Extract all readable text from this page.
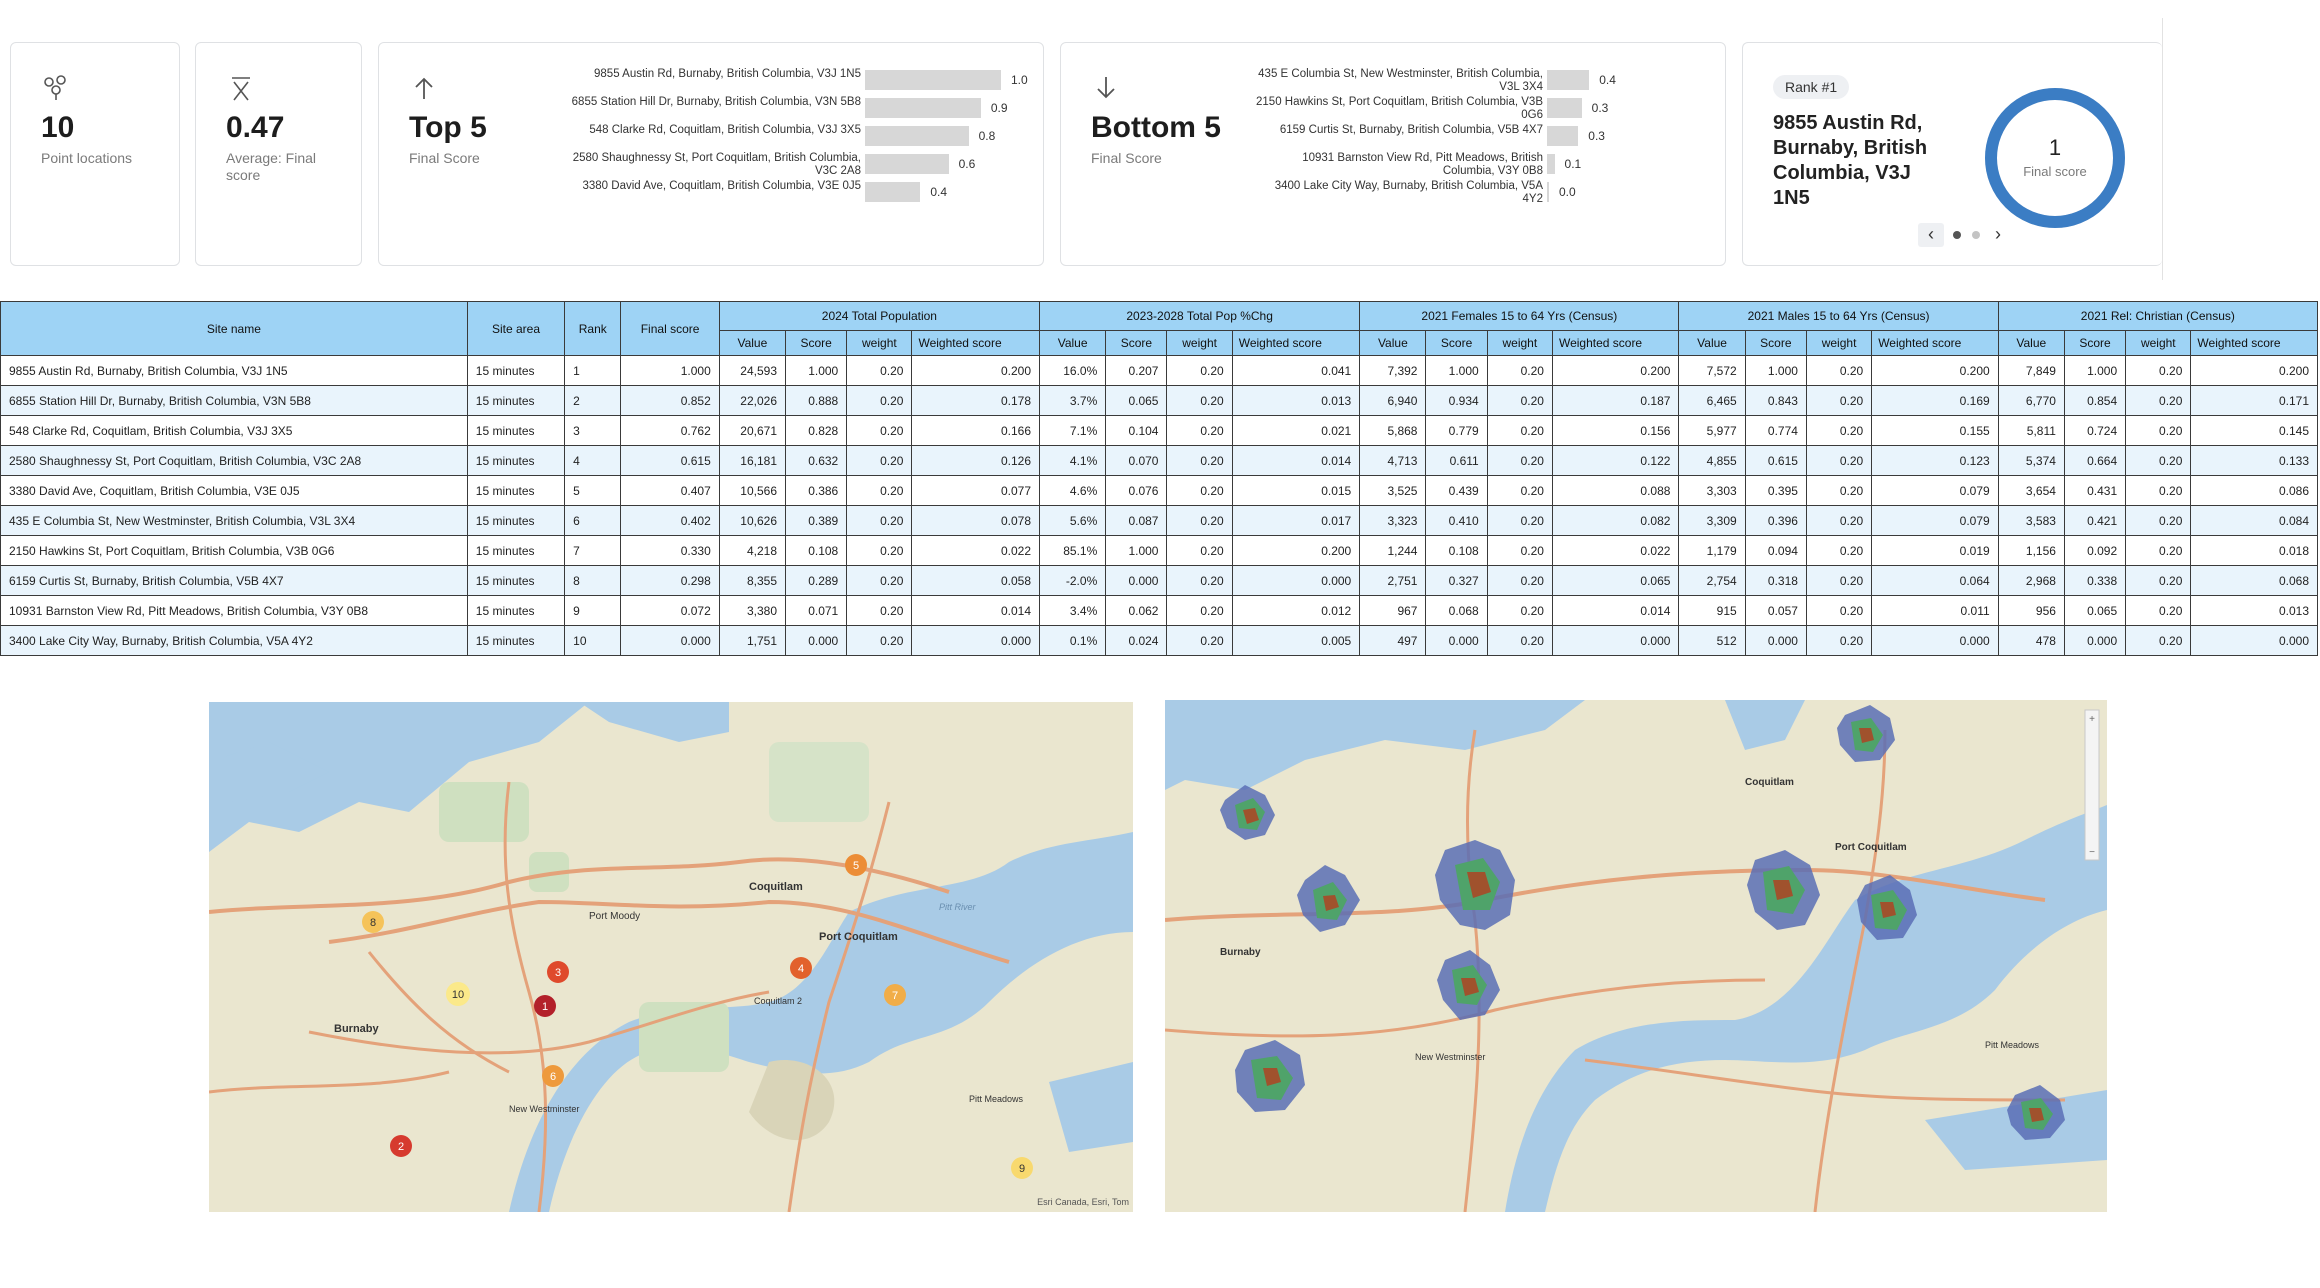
10
Point locations
0.47
Average: Final score
Top 5
Final Score
9855 Austin Rd, Burnaby, British Columbia, V3J 1N5	1.0
6855 Station Hill Dr, Burnaby, British Columbia, V3N 5B8	0.9
548 Clarke Rd, Coquitlam, British Columbia, V3J 3X5	0.8
2580 Shaughnessy St, Port Coquitlam, British Columbia, V3C 2A8	0.6
3380 David Ave, Coquitlam, British Columbia, V3E 0J5	0.4
Bottom 5
Final Score
435 E Columbia St, New Westminster, British Columbia, V3L 3X4	0.4
2150 Hawkins St, Port Coquitlam, British Columbia, V3B 0G6	0.3
6159 Curtis St, Burnaby, British Columbia, V5B 4X7	0.3
10931 Barnston View Rd, Pitt Meadows, British Columbia, V3Y 0B8 0.1
3400 Lake City Way, Burnaby, British Columbia, V5A 4Y2 0.0
Rank #1
9855 Austin Rd, Burnaby, British Columbia, V3J 1N5
1
Final score
‹	›
Site name	Site area	Rank	Final score	2024 Total Population				2023-2028 Total Pop %Chg				2021 Females 15 to 64 Yrs (Census)				2021 Males 15 to 64 Yrs (Census)				2021 Rel: Christian (Census)			
				Value	Score	weight	Weighted score	Value	Score	weight	Weighted score	Value	Score	weight	Weighted score	Value	Score	weight	Weighted score	Value	Score	weight	Weighted score
9855 Austin Rd, Burnaby, British Columbia, V3J 1N5	15 minutes	1	1.000	24,593	1.000	0.20	0.200	16.0%	0.207	0.20	0.041	7,392	1.000	0.20	0.200	7,572	1.000	0.20	0.200	7,849	1.000	0.20	0.200
6855 Station Hill Dr, Burnaby, British Columbia, V3N 5B8	15 minutes	2	0.852	22,026	0.888	0.20	0.178	3.7%	0.065	0.20	0.013	6,940	0.934	0.20	0.187	6,465	0.843	0.20	0.169	6,770	0.854	0.20	0.171
548 Clarke Rd, Coquitlam, British Columbia, V3J 3X5	15 minutes	3	0.762	20,671	0.828	0.20	0.166	7.1%	0.104	0.20	0.021	5,868	0.779	0.20	0.156	5,977	0.774	0.20	0.155	5,811	0.724	0.20	0.145
2580 Shaughnessy St, Port Coquitlam, British Columbia, V3C 2A8	15 minutes	4	0.615	16,181	0.632	0.20	0.126	4.1%	0.070	0.20	0.014	4,713	0.611	0.20	0.122	4,855	0.615	0.20	0.123	5,374	0.664	0.20	0.133
3380 David Ave, Coquitlam, British Columbia, V3E 0J5	15 minutes	5	0.407	10,566	0.386	0.20	0.077	4.6%	0.076	0.20	0.015	3,525	0.439	0.20	0.088	3,303	0.395	0.20	0.079	3,654	0.431	0.20	0.086
435 E Columbia St, New Westminster, British Columbia, V3L 3X4	15 minutes	6	0.402	10,626	0.389	0.20	0.078	5.6%	0.087	0.20	0.017	3,323	0.410	0.20	0.082	3,309	0.396	0.20	0.079	3,583	0.421	0.20	0.084
2150 Hawkins St, Port Coquitlam, British Columbia, V3B 0G6	15 minutes	7	0.330	4,218	0.108	0.20	0.022	85.1%	1.000	0.20	0.200	1,244	0.108	0.20	0.022	1,179	0.094	0.20	0.019	1,156	0.092	0.20	0.018
6159 Curtis St, Burnaby, British Columbia, V5B 4X7	15 minutes	8	0.298	8,355	0.289	0.20	0.058	-2.0%	0.000	0.20	0.000	2,751	0.327	0.20	0.065	2,754	0.318	0.20	0.064	2,968	0.338	0.20	0.068
10931 Barnston View Rd, Pitt Meadows, British Columbia, V3Y 0B8	15 minutes	9	0.072	3,380	0.071	0.20	0.014	3.4%	0.062	0.20	0.012	967	0.068	0.20	0.014	915	0.057	0.20	0.011	956	0.065	0.20	0.013
3400 Lake City Way, Burnaby, British Columbia, V5A 4Y2	15 minutes	10	0.000	1,751	0.000	0.20	0.000	0.1%	0.024	0.20	0.005	497	0.000	0.20	0.000	512	0.000	0.20	0.000	478	0.000	0.20	0.000
Coquitlam
Port Coquitlam
Burnaby
Port Moody
New Westminster
Pitt Meadows
Coquitlam 2
Pitt River
1
2
3	4
5
6
7
8
9
10
Esri Canada, Esri, Tom
+
−
Coquitlam
Port Coquitlam
Burnaby
New Westminster
Pitt Meadows
